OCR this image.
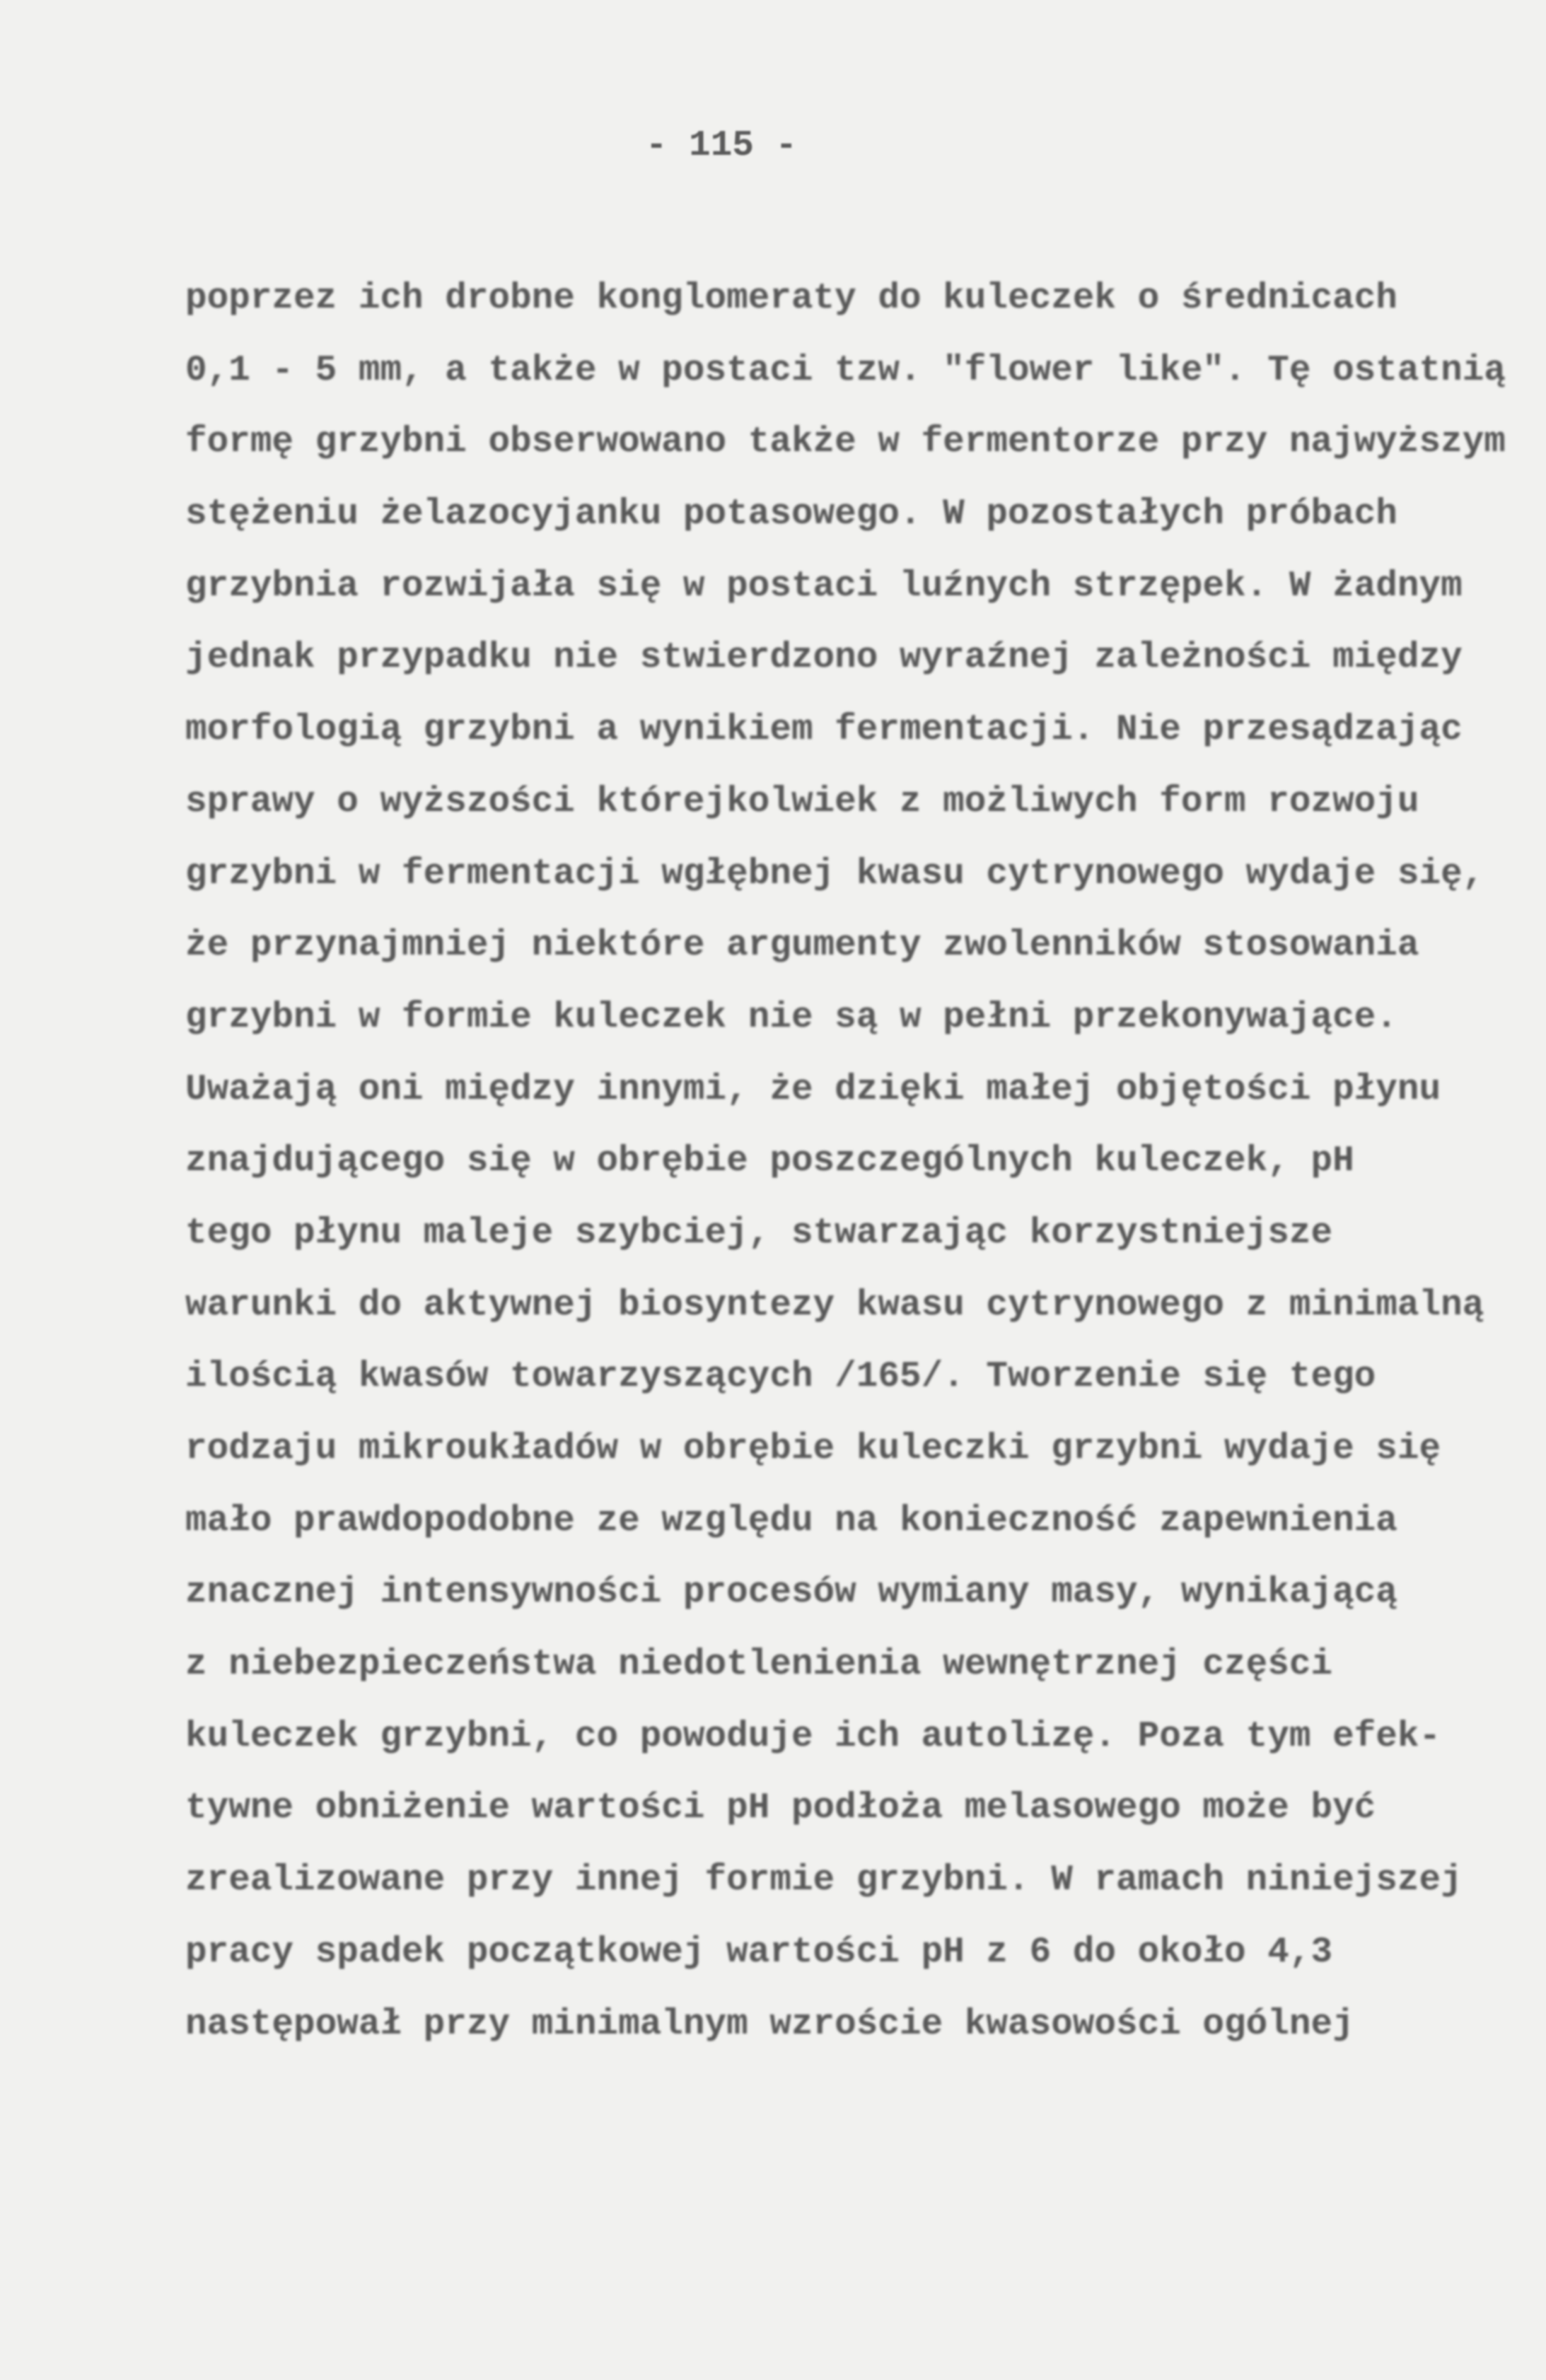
- 115 -
poprzez ich drobne konglomeraty do kuleczek o średnicach
0,1 - 5 mm, a także w postaci tzw. "flower like". Tę ostatnią
formę grzybni obserwowano także w fermentorze przy najwyższym
stężeniu żelazocyjanku potasowego. W pozostałych próbach
grzybnia rozwijała się w postaci luźnych strzępek. W żadnym
jednak przypadku nie stwierdzono wyraźnej zależności między
morfologią grzybni a wynikiem fermentacji. Nie przesądzając
sprawy o wyższości którejkolwiek z możliwych form rozwoju
grzybni w fermentacji wgłębnej kwasu cytrynowego wydaje się,
że przynajmniej niektóre argumenty zwolenników stosowania
grzybni w formie kuleczek nie są w pełni przekonywające.
Uważają oni między innymi, że dzięki małej objętości płynu
znajdującego się w obrębie poszczególnych kuleczek, pH
tego płynu maleje szybciej, stwarzając korzystniejsze
warunki do aktywnej biosyntezy kwasu cytrynowego z minimalną
ilością kwasów towarzyszących /165/. Tworzenie się tego
rodzaju mikroukładów w obrębie kuleczki grzybni wydaje się
mało prawdopodobne ze względu na konieczność zapewnienia
znacznej intensywności procesów wymiany masy, wynikającą
z niebezpieczeństwa niedotlenienia wewnętrznej części
kuleczek grzybni, co powoduje ich autolizę. Poza tym efek-
tywne obniżenie wartości pH podłoża melasowego może być
zrealizowane przy innej formie grzybni. W ramach niniejszej
pracy spadek początkowej wartości pH z 6 do około 4,3
następował przy minimalnym wzroście kwasowości ogólnej
